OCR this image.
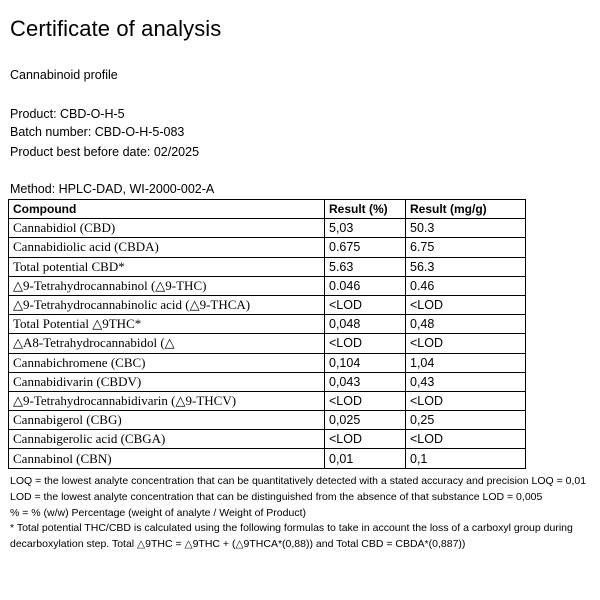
Certificate of analysis
Cannabinoid profile
Product: CBD-O-H-5
Batch number: CBD-O-H-5-083
Product best before date: 02/2025
Method: HPLC-DAD, WI-2000-002-A
Compound	Result (%)	Result (mg/g)
Cannabidiol (CBD)	5,03	50.3
Cannabidiolic acid (CBDA)	0.675	6.75
Total potential CBD*	5.63	56.3
△9-Tetrahydrocannabinol (△9-THC)	0.046	0.46
△9-Tetrahydrocannabinolic acid (△9-THCA)	<LOD	<LOD
Total Potential △9THC*	0,048	0,48
△A8-Tetrahydrocannabidol (△	<LOD	<LOD
Cannabichromene (CBC)	0,104	1,04
Cannabidivarin (CBDV)	0,043	0,43
△9-Tetrahydrocannabidivarin (△9-THCV)	<LOD	<LOD
Cannabigerol (CBG)	0,025	0,25
Cannabigerolic acid (CBGA)	<LOD	<LOD
Cannabinol (CBN)	0,01	0,1

LOQ = the lowest analyte concentration that can be quantitatively detected with a stated accuracy and precision LOQ = 0,01

LOD = the lowest analyte concentration that can be distinguished from the absence of that substance LOD = 0,005

% = % (w/w) Percentage (weight of analyte / Weight of Product)

* Total potential THC/CBD is calculated using the following formulas to take in account the loss of a carboxyl group during decarboxylation step. Total △9THC = △9THC + (△9THCA*(0,88)) and Total CBD = CBDA*(0,887))
